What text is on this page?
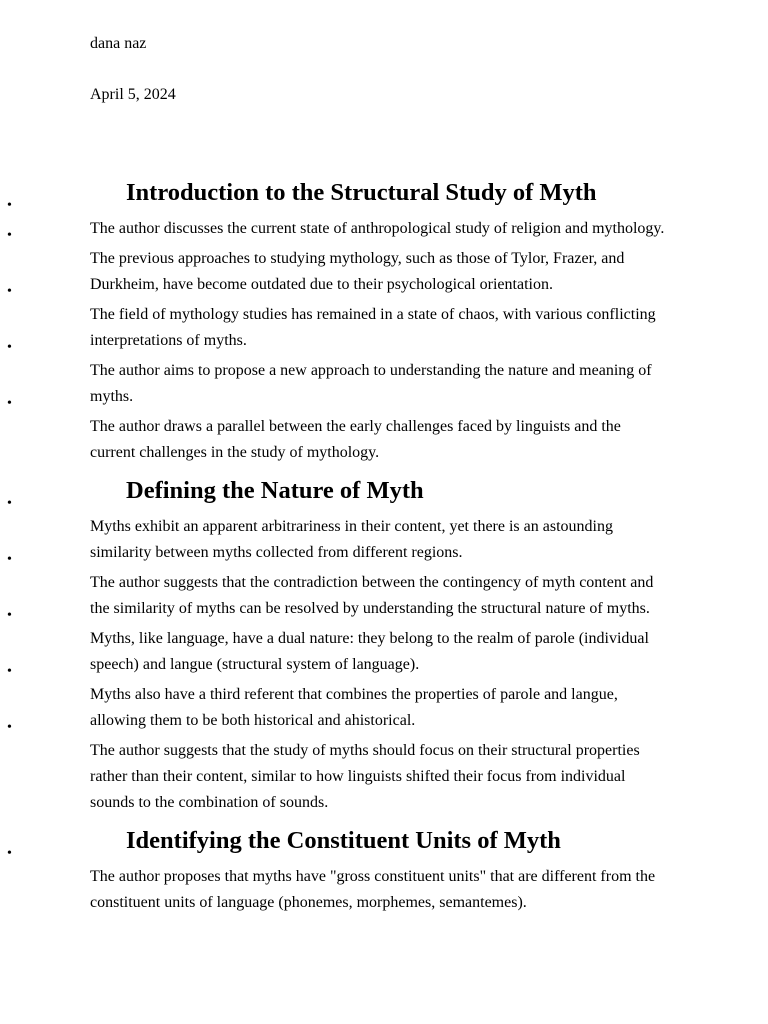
dana naz

April 5, 2024

Introduction to the Structural Study of Myth
•
The author discusses the current state of anthropological study of religion and mythology.
•
The previous approaches to studying mythology, such as those of Tylor, Frazer, and Durkheim, have become outdated due to their psychological orientation.
•
The field of mythology studies has remained in a state of chaos, with various conflicting interpretations of myths.
•
The author aims to propose a new approach to understanding the nature and meaning of myths.
•
The author draws a parallel between the early challenges faced by linguists and the current challenges in the study of mythology.
Defining the Nature of Myth
•
Myths exhibit an apparent arbitrariness in their content, yet there is an astounding similarity between myths collected from different regions.
•
The author suggests that the contradiction between the contingency of myth content and the similarity of myths can be resolved by understanding the structural nature of myths.
•
Myths, like language, have a dual nature: they belong to the realm of parole (individual speech) and langue (structural system of language).
•
Myths also have a third referent that combines the properties of parole and langue, allowing them to be both historical and ahistorical.
•
The author suggests that the study of myths should focus on their structural properties rather than their content, similar to how linguists shifted their focus from individual sounds to the combination of sounds.
Identifying the Constituent Units of Myth
•
The author proposes that myths have "gross constituent units" that are different from the constituent units of language (phonemes, morphemes, semantemes).
